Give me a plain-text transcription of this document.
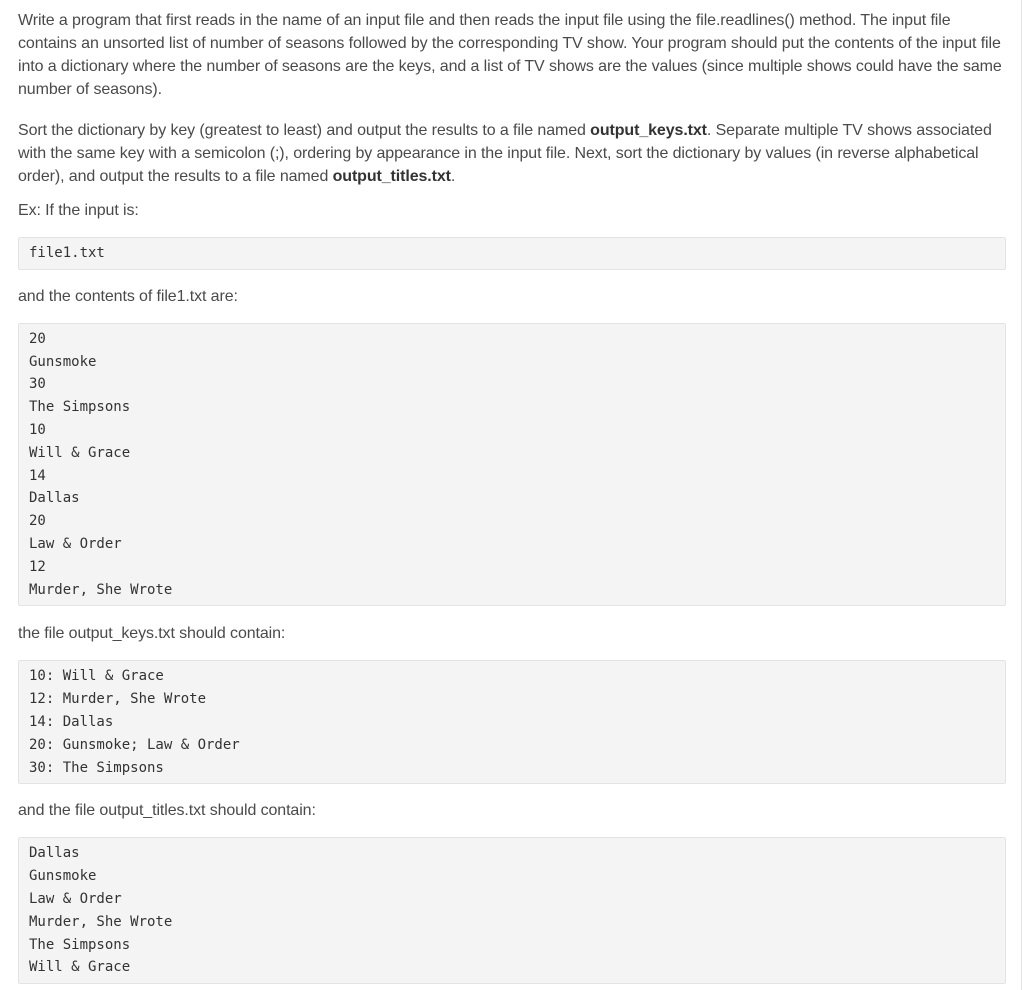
Write a program that first reads in the name of an input file and then reads the input file using the file.readlines() method. The input file contains an unsorted list of number of seasons followed by the corresponding TV show. Your program should put the contents of the input file into a dictionary where the number of seasons are the keys, and a list of TV shows are the values (since multiple shows could have the same number of seasons).

Sort the dictionary by key (greatest to least) and output the results to a file named output_keys.txt. Separate multiple TV shows associated with the same key with a semicolon (;), ordering by appearance in the input file. Next, sort the dictionary by values (in reverse alphabetical order), and output the results to a file named output_titles.txt.

Ex: If the input is:

file1.txt

and the contents of file1.txt are:

20
Gunsmoke
30
The Simpsons
10
Will & Grace
14
Dallas
20
Law & Order
12
Murder, She Wrote

the file output_keys.txt should contain:

10: Will & Grace
12: Murder, She Wrote
14: Dallas
20: Gunsmoke; Law & Order
30: The Simpsons

and the file output_titles.txt should contain:

Dallas
Gunsmoke
Law & Order
Murder, She Wrote
The Simpsons
Will & Grace
